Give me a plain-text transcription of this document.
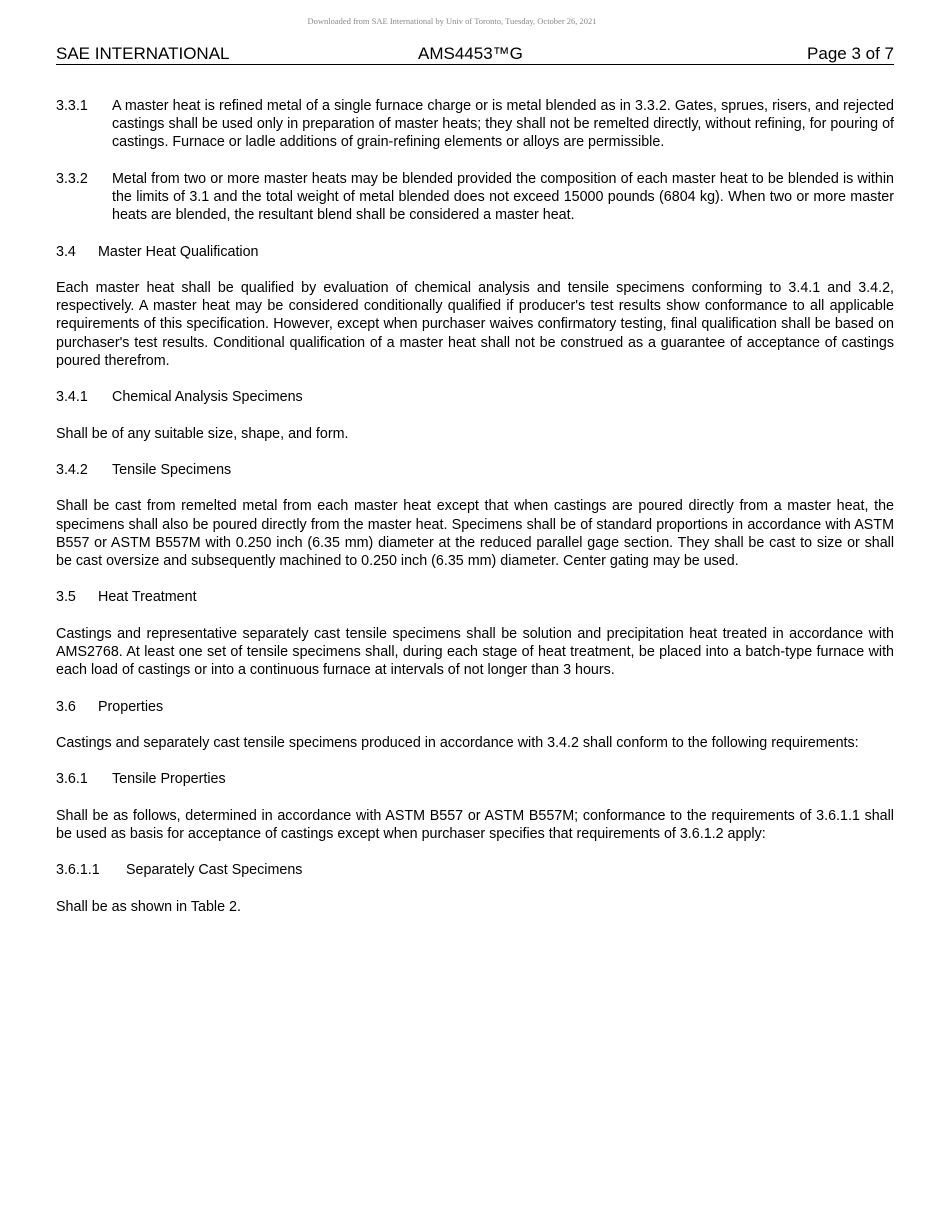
Downloaded from SAE International by Univ of Toronto, Tuesday, October 26, 2021
SAE INTERNATIONAL	AMS4453™G	Page 3 of 7
3.3.1	A master heat is refined metal of a single furnace charge or is metal blended as in 3.3.2. Gates, sprues, risers, and rejected castings shall be used only in preparation of master heats; they shall not be remelted directly, without refining, for pouring of castings. Furnace or ladle additions of grain-refining elements or alloys are permissible.
3.3.2	Metal from two or more master heats may be blended provided the composition of each master heat to be blended is within the limits of 3.1 and the total weight of metal blended does not exceed 15000 pounds (6804 kg). When two or more master heats are blended, the resultant blend shall be considered a master heat.
3.4 Master Heat Qualification
Each master heat shall be qualified by evaluation of chemical analysis and tensile specimens conforming to 3.4.1 and 3.4.2, respectively. A master heat may be considered conditionally qualified if producer's test results show conformance to all applicable requirements of this specification. However, except when purchaser waives confirmatory testing, final qualification shall be based on purchaser's test results. Conditional qualification of a master heat shall not be construed as a guarantee of acceptance of castings poured therefrom.
3.4.1 Chemical Analysis Specimens
Shall be of any suitable size, shape, and form.
3.4.2 Tensile Specimens
Shall be cast from remelted metal from each master heat except that when castings are poured directly from a master heat, the specimens shall also be poured directly from the master heat. Specimens shall be of standard proportions in accordance with ASTM B557 or ASTM B557M with 0.250 inch (6.35 mm) diameter at the reduced parallel gage section. They shall be cast to size or shall be cast oversize and subsequently machined to 0.250 inch (6.35 mm) diameter. Center gating may be used.
3.5 Heat Treatment
Castings and representative separately cast tensile specimens shall be solution and precipitation heat treated in accordance with AMS2768. At least one set of tensile specimens shall, during each stage of heat treatment, be placed into a batch-type furnace with each load of castings or into a continuous furnace at intervals of not longer than 3 hours.
3.6 Properties
Castings and separately cast tensile specimens produced in accordance with 3.4.2 shall conform to the following requirements:
3.6.1 Tensile Properties
Shall be as follows, determined in accordance with ASTM B557 or ASTM B557M; conformance to the requirements of 3.6.1.1 shall be used as basis for acceptance of castings except when purchaser specifies that requirements of 3.6.1.2 apply:
3.6.1.1 Separately Cast Specimens
Shall be as shown in Table 2.
